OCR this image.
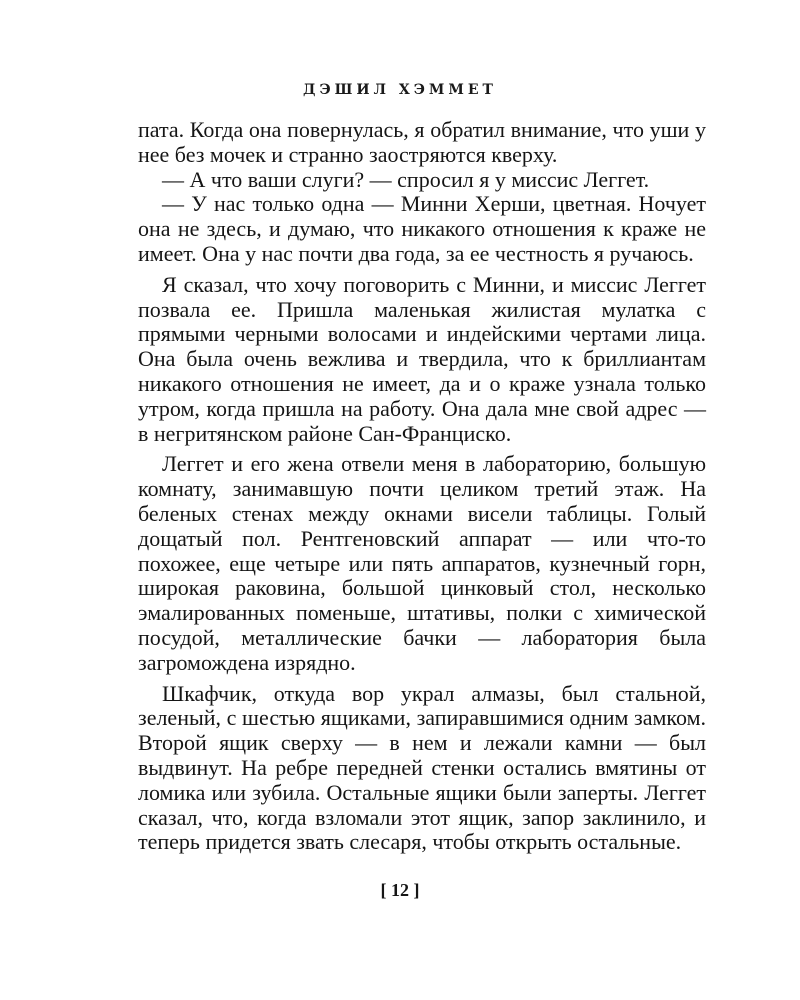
ДЭШИЛ ХЭММЕТ

пата. Когда она повернулась, я обратил внимание, что уши у нее без мочек и странно заостряются кверху.

— А что ваши слуги? — спросил я у миссис Леггет.

— У нас только одна — Минни Херши, цветная. Ночует она не здесь, и думаю, что никакого отношения к краже не имеет. Она у нас почти два года, за ее честность я ручаюсь.

Я сказал, что хочу поговорить с Минни, и миссис Леггет позвала ее. Пришла маленькая жилистая мулатка с прямыми черными волосами и индейскими чертами лица. Она была очень вежлива и твердила, что к бриллиантам никакого отношения не имеет, да и о краже узнала только утром, когда пришла на работу. Она дала мне свой адрес — в негритянском районе Сан-Франциско.

Леггет и его жена отвели меня в лабораторию, большую комнату, занимавшую почти целиком третий этаж. На беленых стенах между окнами висели таблицы. Голый дощатый пол. Рентгеновский аппарат — или что-то похожее, еще четыре или пять аппаратов, кузнечный горн, широкая раковина, большой цинковый стол, несколько эмалированных поменьше, штативы, полки с химической посудой, металлические бачки — лаборатория была загромождена изрядно.

Шкафчик, откуда вор украл алмазы, был стальной, зеленый, с шестью ящиками, запиравшимися одним замком. Второй ящик сверху — в нем и лежали камни — был выдвинут. На ребре передней стенки остались вмятины от ломика или зубила. Остальные ящики были заперты. Леггет сказал, что, когда взломали этот ящик, запор заклинило, и теперь придется звать слесаря, чтобы открыть остальные.

[ 12 ]
